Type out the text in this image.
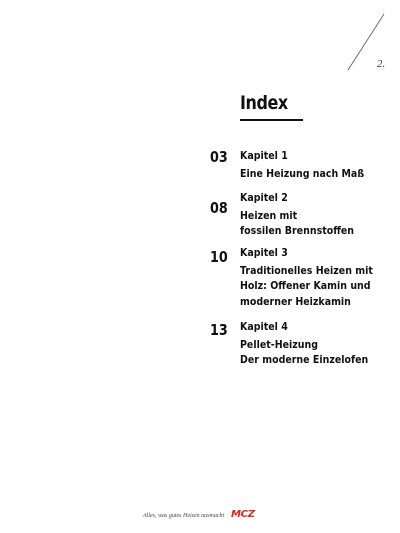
2.
Index
03 Kapitel 1
Eine Heizung nach Maß
08
Kapitel 2
Heizen mit
fossilen Brennstoffen
10 Kapitel 3
Traditionelles Heizen mit
Holz: Offener Kamin und
moderner Heizkamin
13 Kapitel 4
Pellet-Heizung
Der moderne Einzelofen
Alles, was gutes Heizen ausmacht MCZ
